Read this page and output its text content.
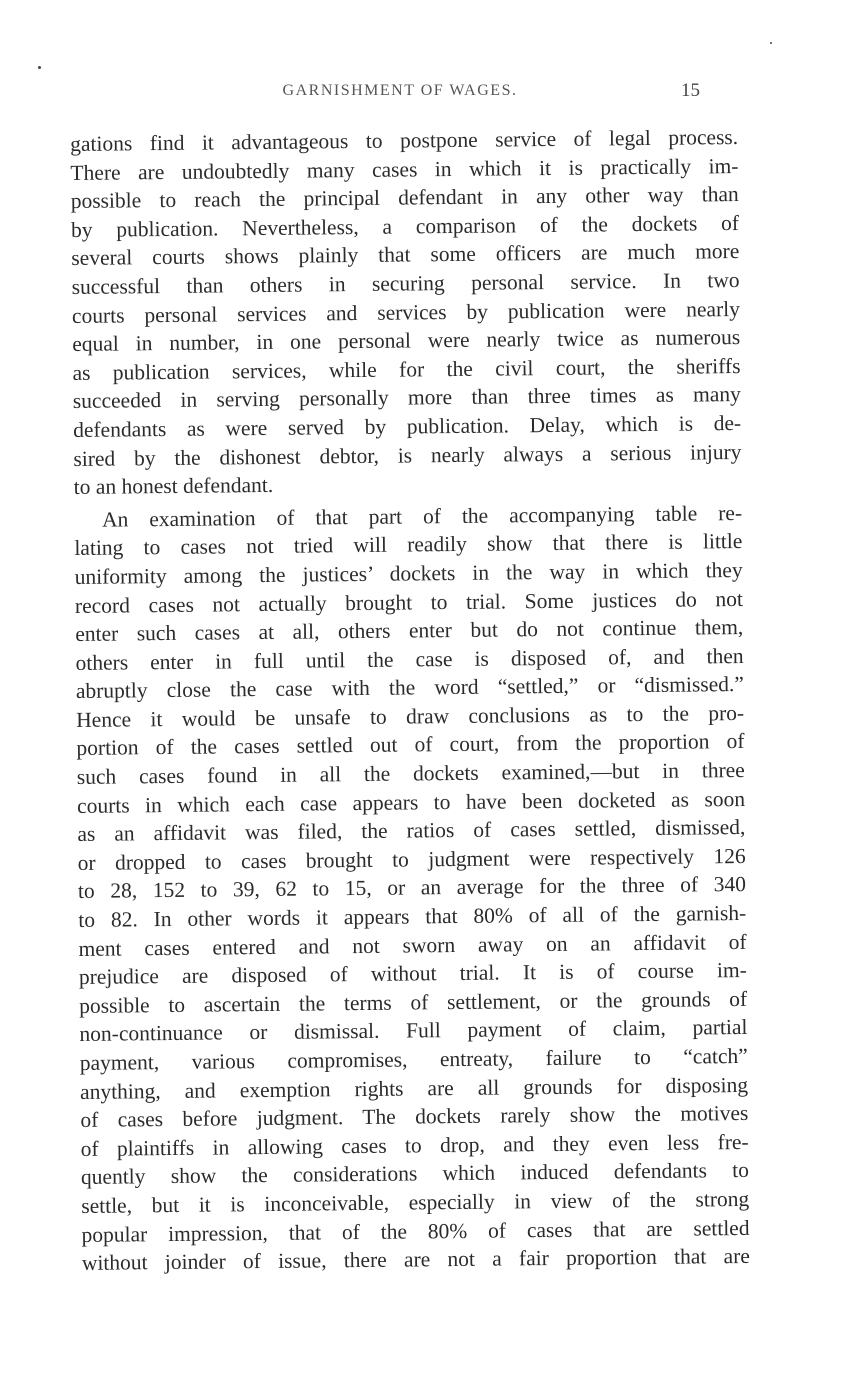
GARNISHMENT OF WAGES.	15
gations find it advantageous to postpone service of legal process.
There are undoubtedly many cases in which it is practically im-
possible to reach the principal defendant in any other way than
by publication. Nevertheless, a comparison of the dockets of
several courts shows plainly that some officers are much more
successful than others in securing personal service. In two
courts personal services and services by publication were nearly
equal in number, in one personal were nearly twice as numerous
as publication services, while for the civil court, the sheriffs
succeeded in serving personally more than three times as many
defendants as were served by publication. Delay, which is de-
sired by the dishonest debtor, is nearly always a serious injury
to an honest defendant.
An examination of that part of the accompanying table re-
lating to cases not tried will readily show that there is little
uniformity among the justices’ dockets in the way in which they
record cases not actually brought to trial. Some justices do not
enter such cases at all, others enter but do not continue them,
others enter in full until the case is disposed of, and then
abruptly close the case with the word “settled,” or “dismissed.”
Hence it would be unsafe to draw conclusions as to the pro-
portion of the cases settled out of court, from the proportion of
such cases found in all the dockets examined,—but in three
courts in which each case appears to have been docketed as soon
as an affidavit was filed, the ratios of cases settled, dismissed,
or dropped to cases brought to judgment were respectively 126
to 28, 152 to 39, 62 to 15, or an average for the three of 340
to 82. In other words it appears that 80% of all of the garnish-
ment cases entered and not sworn away on an affidavit of
prejudice are disposed of without trial. It is of course im-
possible to ascertain the terms of settlement, or the grounds of
non-continuance or dismissal. Full payment of claim, partial
payment, various compromises, entreaty, failure to “catch”
anything, and exemption rights are all grounds for disposing
of cases before judgment. The dockets rarely show the motives
of plaintiffs in allowing cases to drop, and they even less fre-
quently show the considerations which induced defendants to
settle, but it is inconceivable, especially in view of the strong
popular impression, that of the 80% of cases that are settled
without joinder of issue, there are not a fair proportion that are
